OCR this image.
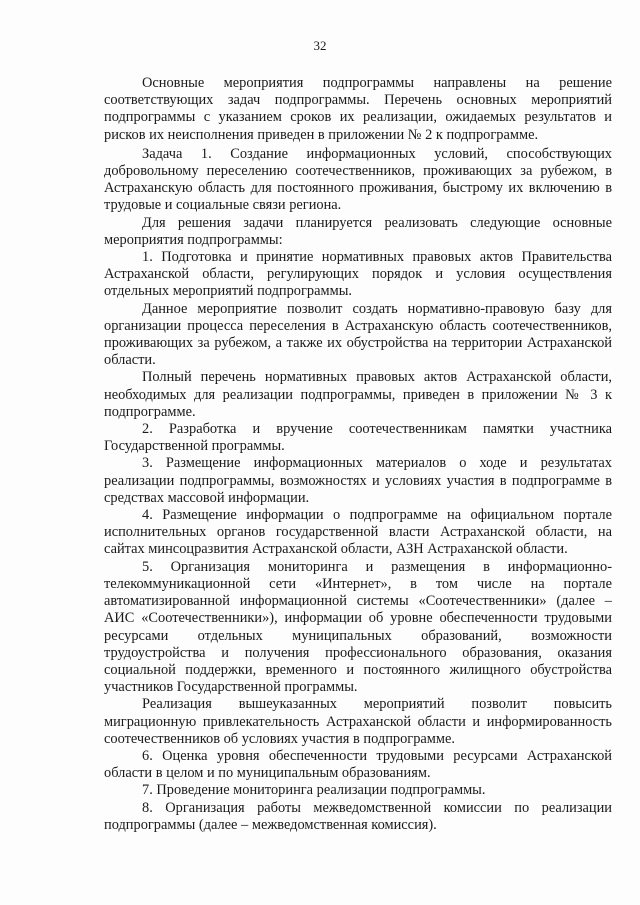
32

Основные мероприятия подпрограммы направлены на решение соответствующих задач подпрограммы. Перечень основных мероприятий подпрограммы с указанием сроков их реализации, ожидаемых результатов и рисков их неисполнения приведен в приложении № 2 к подпрограмме.

Задача 1. Создание информационных условий, способствующих добровольному переселению соотечественников, проживающих за рубежом, в Астраханскую область для постоянного проживания, быстрому их включению в трудовые и социальные связи региона.

Для решения задачи планируется реализовать следующие основные мероприятия подпрограммы:

1. Подготовка и принятие нормативных правовых актов Правительства Астраханской области, регулирующих порядок и условия осуществления отдельных мероприятий подпрограммы.

Данное мероприятие позволит создать нормативно-правовую базу для организации процесса переселения в Астраханскую область соотечественников, проживающих за рубежом, а также их обустройства на территории Астраханской области.

Полный перечень нормативных правовых актов Астраханской области, необходимых для реализации подпрограммы, приведен в приложении № 3 к подпрограмме.

2. Разработка и вручение соотечественникам памятки участника Государственной программы.

3. Размещение информационных материалов о ходе и результатах реализации подпрограммы, возможностях и условиях участия в подпрограмме в средствах массовой информации.

4. Размещение информации о подпрограмме на официальном портале исполнительных органов государственной власти Астраханской области, на сайтах минсоцразвития Астраханской области, АЗН Астраханской области.

5. Организация мониторинга и размещения в информационно-телекоммуникационной сети «Интернет», в том числе на портале автоматизированной информационной системы «Соотечественники» (далее – АИС «Соотечественники»), информации об уровне обеспеченности трудовыми ресурсами отдельных муниципальных образований, возможности трудоустройства и получения профессионального образования, оказания социальной поддержки, временного и постоянного жилищного обустройства участников Государственной программы.

Реализация вышеуказанных мероприятий позволит повысить миграционную привлекательность Астраханской области и информированность соотечественников об условиях участия в подпрограмме.

6. Оценка уровня обеспеченности трудовыми ресурсами Астраханской области в целом и по муниципальным образованиям.

7. Проведение мониторинга реализации подпрограммы.

8. Организация работы межведомственной комиссии по реализации подпрограммы (далее – межведомственная комиссия).
